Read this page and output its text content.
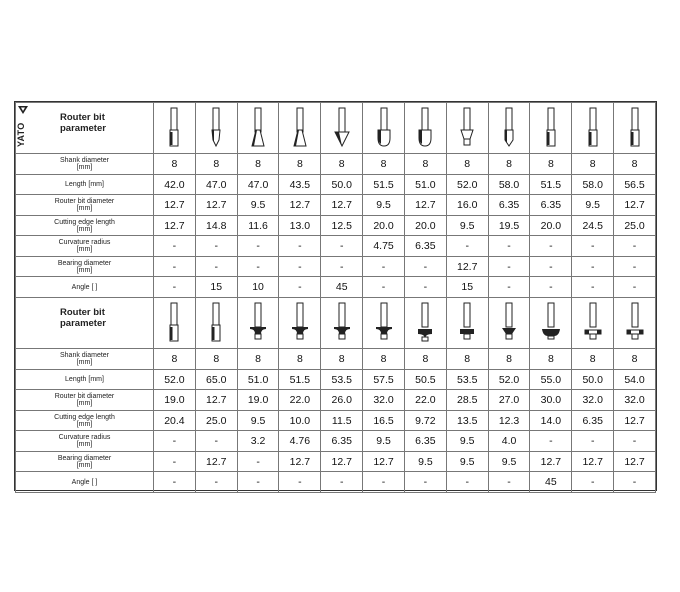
YATO
Router bit
parameter

Shank diameter
[mm]	8	8	8	8	8	8	8	8	8	8	8	8

Length [mm]	42.0	47.0	47.0	43.5	50.0	51.5	51.0	52.0	58.0	51.5	58.0	56.5

Router bit diameter
[mm]	12.7	12.7	9.5	12.7	12.7	9.5	12.7	16.0	6.35	6.35	9.5	12.7

Cutting edge length
[mm]	12.7	14.8	11.6	13.0	12.5	20.0	20.0	9.5	19.5	20.0	24.5	25.0

Curvature radius
[mm]	-	-	-	-	-	4.75	6.35	-	-	-	-	-

Bearing diameter
[mm]	-	-	-	-	-	-	-	12.7	-	-	-	-

Angle [ ]	-	15	10	-	45	-	-	15	-	-	-	-

Router bit
parameter

Shank diameter
[mm]	8	8	8	8	8	8	8	8	8	8	8	8

Length [mm]	52.0	65.0	51.0	51.5	53.5	57.5	50.5	53.5	52.0	55.0	50.0	54.0

Router bit diameter
[mm]	19.0	12.7	19.0	22.0	26.0	32.0	22.0	28.5	27.0	30.0	32.0	32.0

Cutting edge length
[mm]	20.4	25.0	9.5	10.0	11.5	16.5	9.72	13.5	12.3	14.0	6.35	12.7

Curvature radius
[mm]	-	-	3.2	4.76	6.35	9.5	6.35	9.5	4.0	-	-	-

Bearing diameter
[mm]	-	12.7	-	12.7	12.7	12.7	9.5	9.5	9.5	12.7	12.7	12.7

Angle [ ]	-	-	-	-	-	-	-	-	-	45	-	-
